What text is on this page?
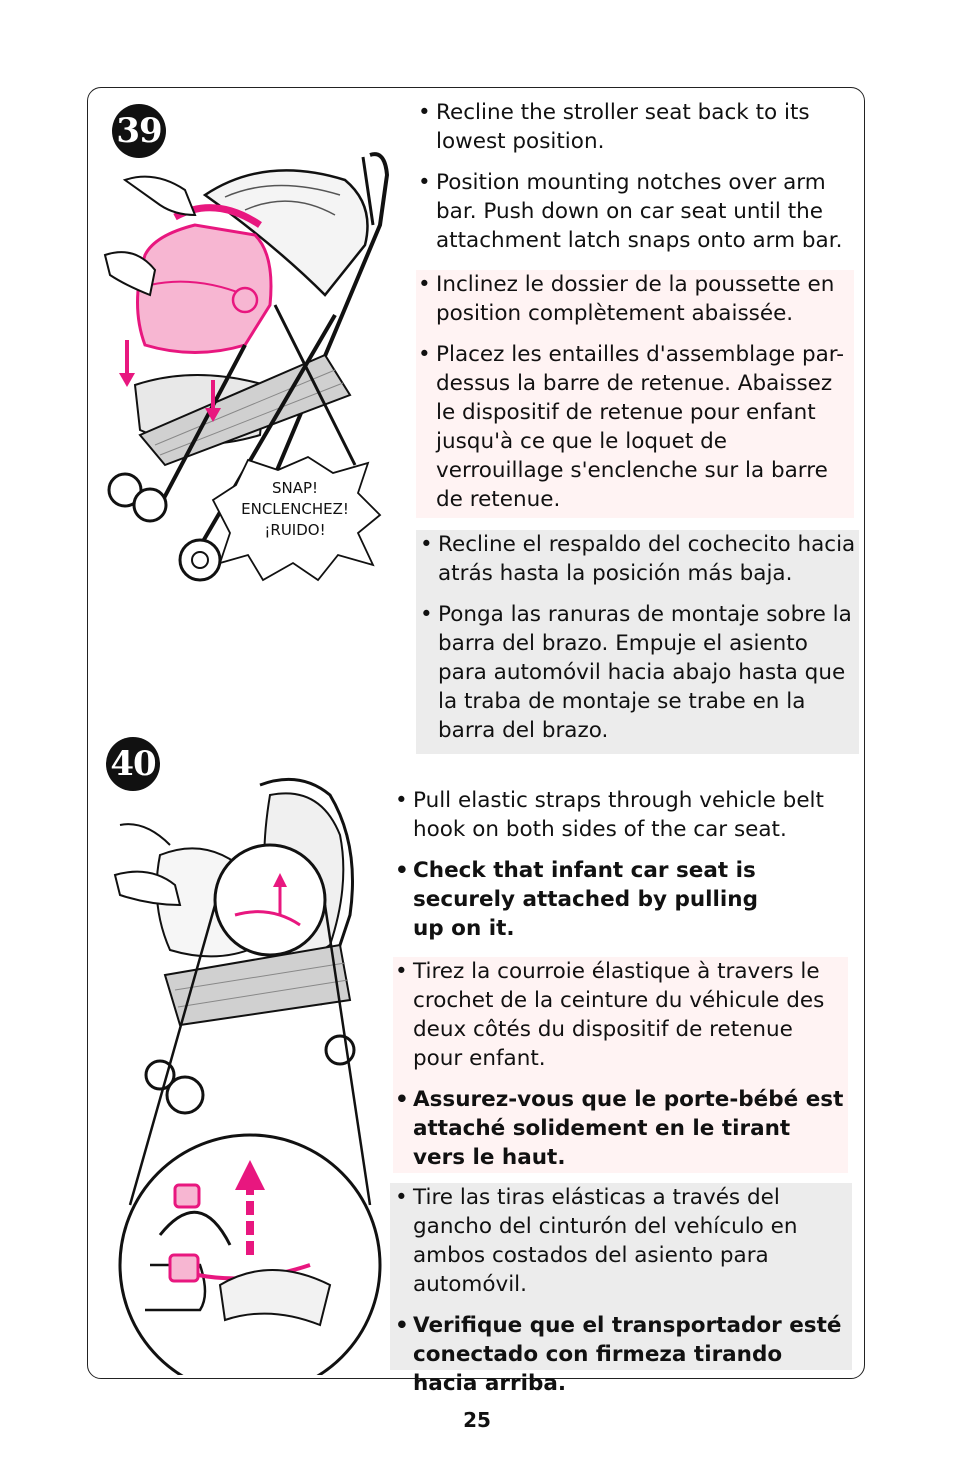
39
SNAP!
ENCLENCHEZ!
¡RUIDO!

• Recline the stroller seat back to its lowest position.

• Position mounting notches over arm bar. Push down on car seat until the attachment latch snaps onto arm bar.

• Inclinez le dossier de la poussette en position complètement abaissée.

• Placez les entailles d'assemblage par-dessus la barre de retenue. Abaissez le dispositif de retenue pour enfant jusqu'à ce que le loquet de verrouillage s'enclenche sur la barre de retenue.

• Recline el respaldo del cochecito hacia atrás hasta la posición más baja.

• Ponga las ranuras de montaje sobre la barra del brazo. Empuje el asiento para automóvil hacia abajo hasta que la traba de montaje se trabe en la barra del brazo.

40

• Pull elastic straps through vehicle belt hook on both sides of the car seat.

• Check that infant car seat is securely attached by pulling up on it.

• Tirez la courroie élastique à travers le crochet de la ceinture du véhicule des deux côtés du dispositif de retenue pour enfant.

• Assurez-vous que le porte-bébé est attaché solidement en le tirant vers le haut.

• Tire las tiras elásticas a través del gancho del cinturón del vehículo en ambos costados del asiento para automóvil.

• Verifique que el transportador esté conectado con firmeza tirando hacia arriba.

25
